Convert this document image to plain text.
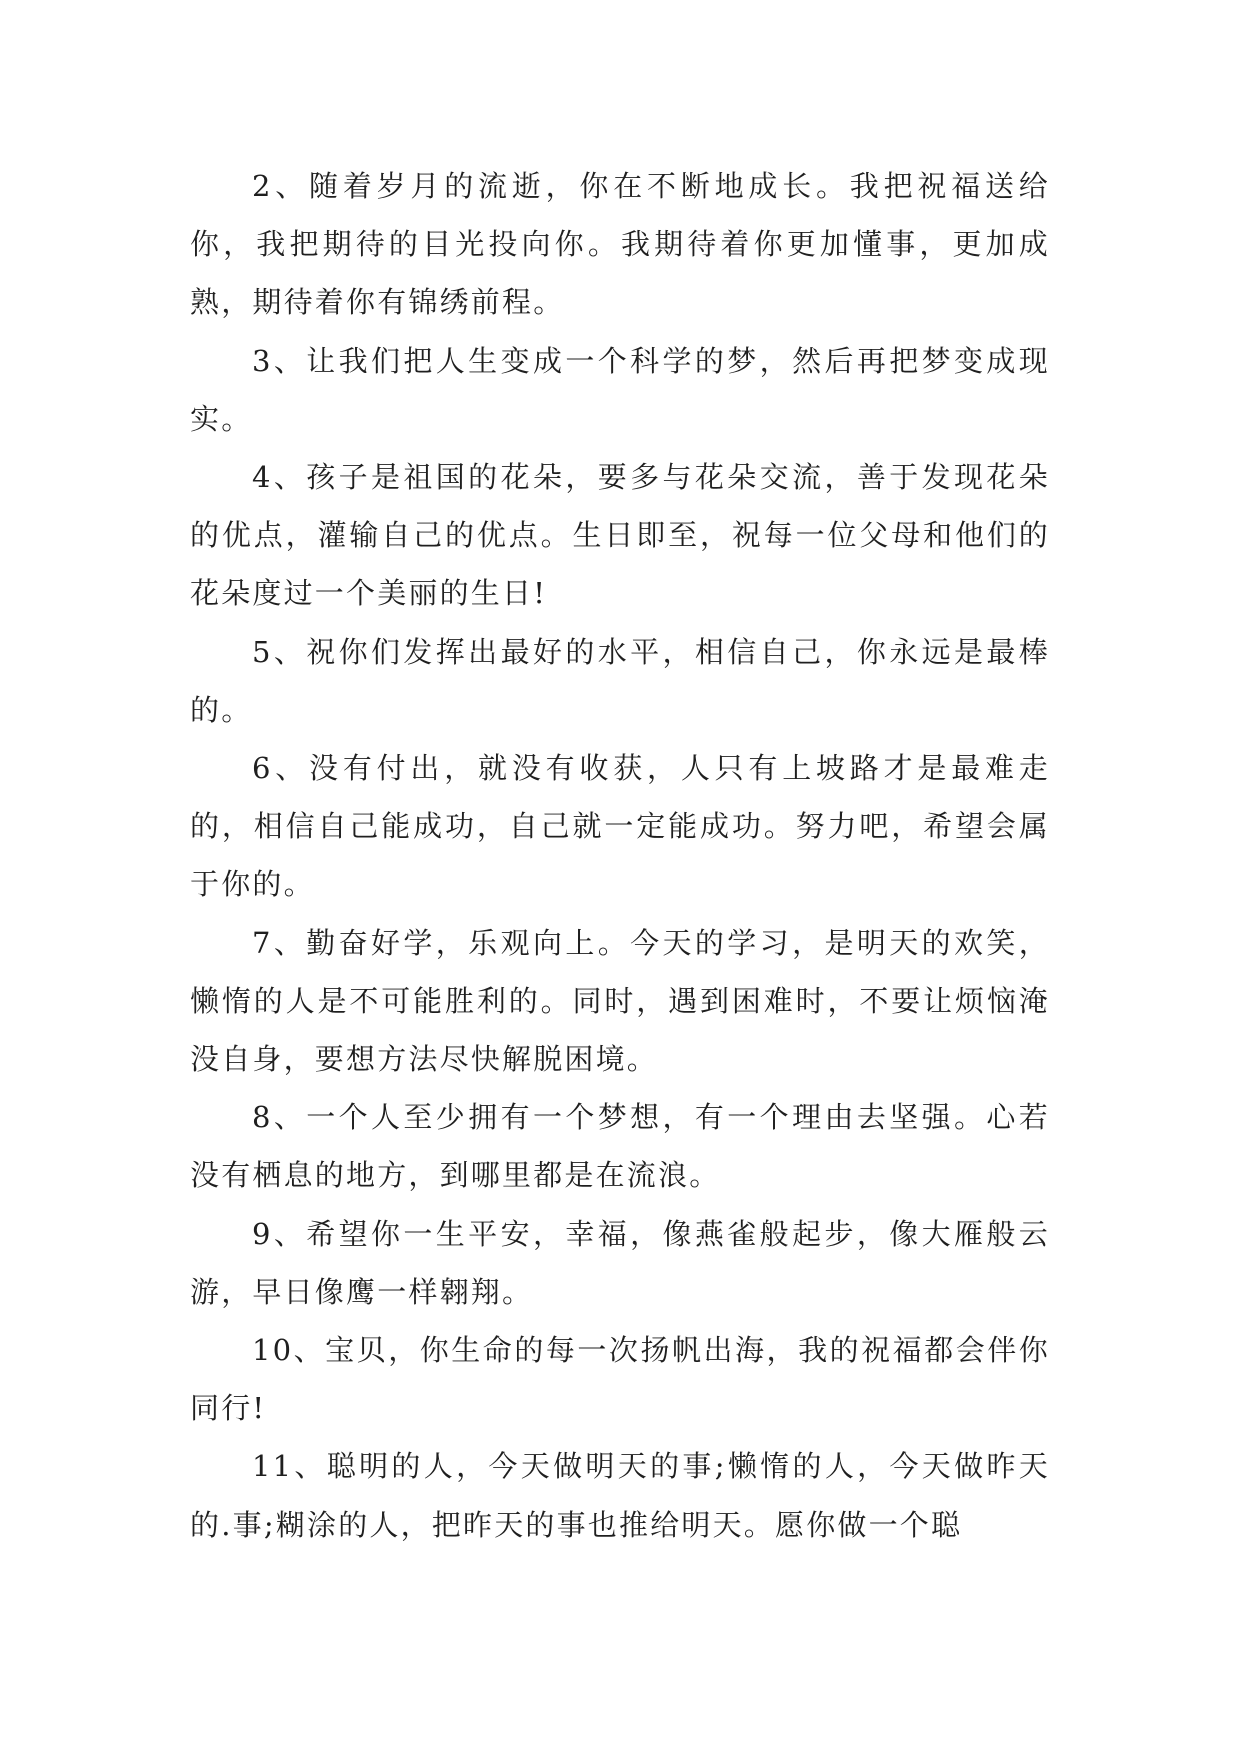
2、随着岁月的流逝，你在不断地成长。我把祝福送给你，我把期待的目光投向你。我期待着你更加懂事，更加成熟，期待着你有锦绣前程。

3、让我们把人生变成一个科学的梦，然后再把梦变成现实。

4、孩子是祖国的花朵，要多与花朵交流，善于发现花朵的优点，灌输自己的优点。生日即至，祝每一位父母和他们的花朵度过一个美丽的生日!

5、祝你们发挥出最好的水平，相信自己，你永远是最棒的。

6、没有付出，就没有收获，人只有上坡路才是最难走的，相信自己能成功，自己就一定能成功。努力吧，希望会属于你的。

7、勤奋好学，乐观向上。今天的学习，是明天的欢笑，懒惰的人是不可能胜利的。同时，遇到困难时，不要让烦恼淹没自身，要想方法尽快解脱困境。

8、一个人至少拥有一个梦想，有一个理由去坚强。心若没有栖息的地方，到哪里都是在流浪。

9、希望你一生平安，幸福，像燕雀般起步，像大雁般云游，早日像鹰一样翱翔。

10、宝贝，你生命的每一次扬帆出海，我的祝福都会伴你同行!

11、聪明的人，今天做明天的事;懒惰的人，今天做昨天的.事;糊涂的人，把昨天的事也推给明天。愿你做一个聪
